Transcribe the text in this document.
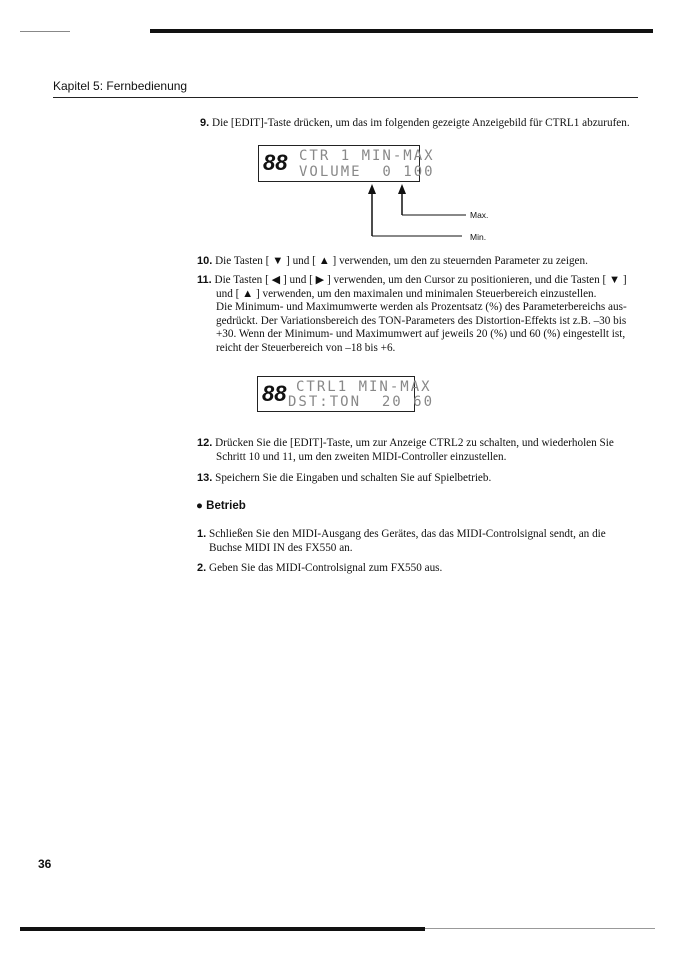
Kapitel 5: Fernbedienung
9. Die [EDIT]-Taste drücken, um das im folgenden gezeigte Anzeigebild für CTRL1 abzurufen.
88 CTR 1 MIN-MAX
VOLUME  0 100
Max.
Min.
10. Die Tasten [ ▼ ] und [ ▲ ] verwenden, um den zu steuernden Parameter zu zeigen.
11. Die Tasten [ ◀ ] und [ ▶ ] verwenden, um den Cursor zu positionieren, und die Tasten [ ▼ ]
und [ ▲ ] verwenden, um den maximalen und minimalen Steuerbereich einzustellen.
Die Minimum- und Maximumwerte werden als Prozentsatz (%) des Parameterbereichs aus-
gedrückt. Der Variationsbereich des TON-Parameters des Distortion-Effekts ist z.B. –30 bis
+30. Wenn der Minimum- und Maximumwert auf jeweils 20 (%) und 60 (%) eingestellt ist,
reicht der Steuerbereich von –18 bis +6.
88 CTRL1 MIN-MAX
DST:TON  20 60
12. Drücken Sie die [EDIT]-Taste, um zur Anzeige CTRL2 zu schalten, und wiederholen Sie
Schritt 10 und 11, um den zweiten MIDI-Controller einzustellen.
13. Speichern Sie die Eingaben und schalten Sie auf Spielbetrieb.
● Betrieb
1. Schließen Sie den MIDI-Ausgang des Gerätes, das das MIDI-Controlsignal sendt, an die
Buchse MIDI IN des FX550 an.
2. Geben Sie das MIDI-Controlsignal zum FX550 aus.
36
